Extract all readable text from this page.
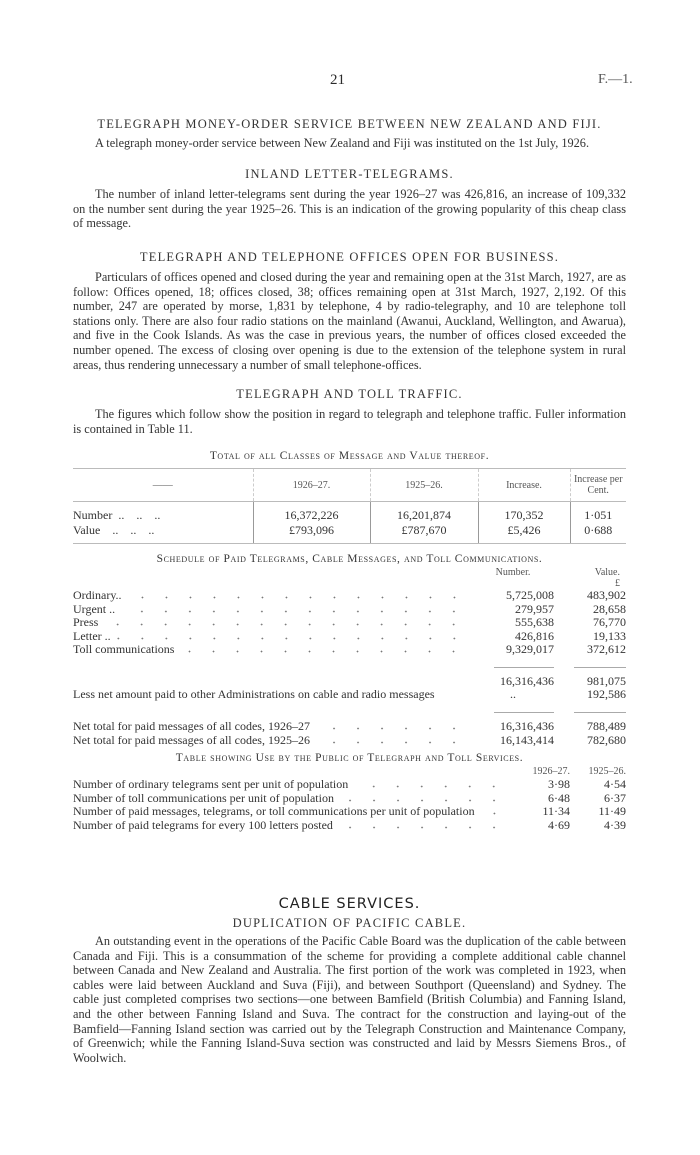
21	F.—1.
TELEGRAPH MONEY-ORDER SERVICE BETWEEN NEW ZEALAND AND FIJI.

A telegraph money-order service between New Zealand and Fiji was instituted on the 1st July, 1926.

INLAND LETTER-TELEGRAMS.

The number of inland letter-telegrams sent during the year 1926–27 was 426,816, an increase of 109,332 on the number sent during the year 1925–26. This is an indication of the growing popularity of this cheap class of message.

TELEGRAPH AND TELEPHONE OFFICES OPEN FOR BUSINESS.

Particulars of offices opened and closed during the year and remaining open at the 31st March, 1927, are as follow: Offices opened, 18; offices closed, 38; offices remaining open at 31st March, 1927, 2,192. Of this number, 247 are operated by morse, 1,831 by telephone, 4 by radio-telegraphy, and 10 are telephone toll stations only. There are also four radio stations on the mainland (Awanui, Auckland, Wellington, and Awarua), and five in the Cook Islands. As was the case in previous years, the number of offices closed exceeded the number opened. The excess of closing over opening is due to the extension of the telephone system in rural areas, thus rendering unnecessary a number of small telephone-offices.

TELEGRAPH AND TOLL TRAFFIC.

The figures which follow show the position in regard to telegraph and telephone traffic. Fuller information is contained in Table 11.

Total of all Classes of Message and Value thereof.
——	1926–27.	1925–26.	Increase.	Increase per Cent.
Number  ..    ..    ..	16,372,226	16,201,874	170,352	1·051
Value    ..    ..    ..	£793,096	£787,670	£5,426	0·688
Schedule of Paid Telegrams, Cable Messages, and Toll Communications.
Number.	Value.
£
Ordinary..	5,725,008	483,902
Urgent ..	279,957	28,658
Press	555,638	76,770
Letter ..	426,816	19,133
Toll communications	9,329,017	372,612
16,316,436	981,075
Less net amount paid to other Administrations on cable and radio messages	..	192,586
Net total for paid messages of all codes, 1926–27	16,316,436	788,489
Net total for paid messages of all codes, 1925–26	16,143,414	782,680
Table showing Use by the Public of Telegraph and Toll Services.
1926–27.	1925–26.
Number of ordinary telegrams sent per unit of population	3·98	4·54
Number of toll communications per unit of population	6·48	6·37
Number of paid messages, telegrams, or toll communications per unit of population	11·34	11·49
Number of paid telegrams for every 100 letters posted	4·69	4·39
CABLE SERVICES.
DUPLICATION OF PACIFIC CABLE.

An outstanding event in the operations of the Pacific Cable Board was the duplication of the cable between Canada and Fiji. This is a consummation of the scheme for providing a complete additional cable channel between Canada and New Zealand and Australia. The first portion of the work was completed in 1923, when cables were laid between Auckland and Suva (Fiji), and between Southport (Queensland) and Sydney. The cable just completed comprises two sections—one between Bamfield (British Columbia) and Fanning Island, and the other between Fanning Island and Suva. The contract for the construction and laying-out of the Bamfield—Fanning Island section was carried out by the Telegraph Construction and Maintenance Company, of Greenwich; while the Fanning Island-Suva section was constructed and laid by Messrs Siemens Bros., of Woolwich.
